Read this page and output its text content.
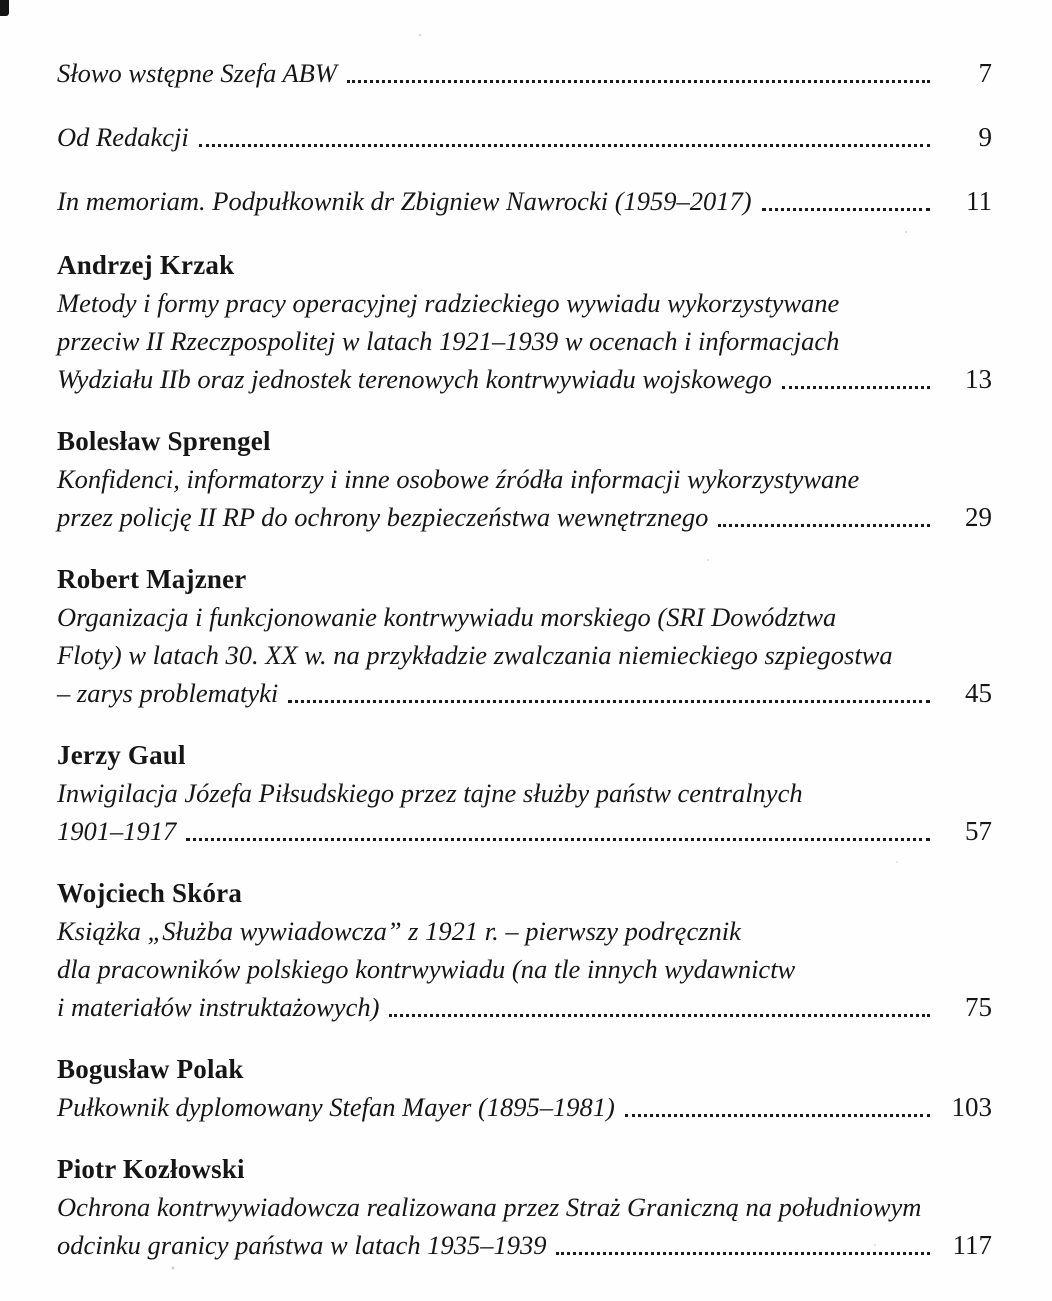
Słowo wstępne Szefa ABW	7
Od Redakcji	9
In memoriam. Podpułkownik dr Zbigniew Nawrocki (1959–2017)	11
Andrzej Krzak
Metody i formy pracy operacyjnej radzieckiego wywiadu wykorzystywane
przeciw II Rzeczpospolitej w latach 1921–1939 w ocenach i informacjach
Wydziału IIb oraz jednostek terenowych kontrwywiadu wojskowego	13
Bolesław Sprengel
Konfidenci, informatorzy i inne osobowe źródła informacji wykorzystywane
przez policję II RP do ochrony bezpieczeństwa wewnętrznego	29
Robert Majzner
Organizacja i funkcjonowanie kontrwywiadu morskiego (SRI Dowództwa
Floty) w latach 30. XX w. na przykładzie zwalczania niemieckiego szpiegostwa
– zarys problematyki	45
Jerzy Gaul
Inwigilacja Józefa Piłsudskiego przez tajne służby państw centralnych
1901–1917	57
Wojciech Skóra
Książka „Służba wywiadowcza” z 1921 r. – pierwszy podręcznik
dla pracowników polskiego kontrwywiadu (na tle innych wydawnictw
i materiałów instruktażowych)	75
Bogusław Polak
Pułkownik dyplomowany Stefan Mayer (1895–1981)	103
Piotr Kozłowski
Ochrona kontrwywiadowcza realizowana przez Straż Graniczną na południowym
odcinku granicy państwa w latach 1935–1939	117
